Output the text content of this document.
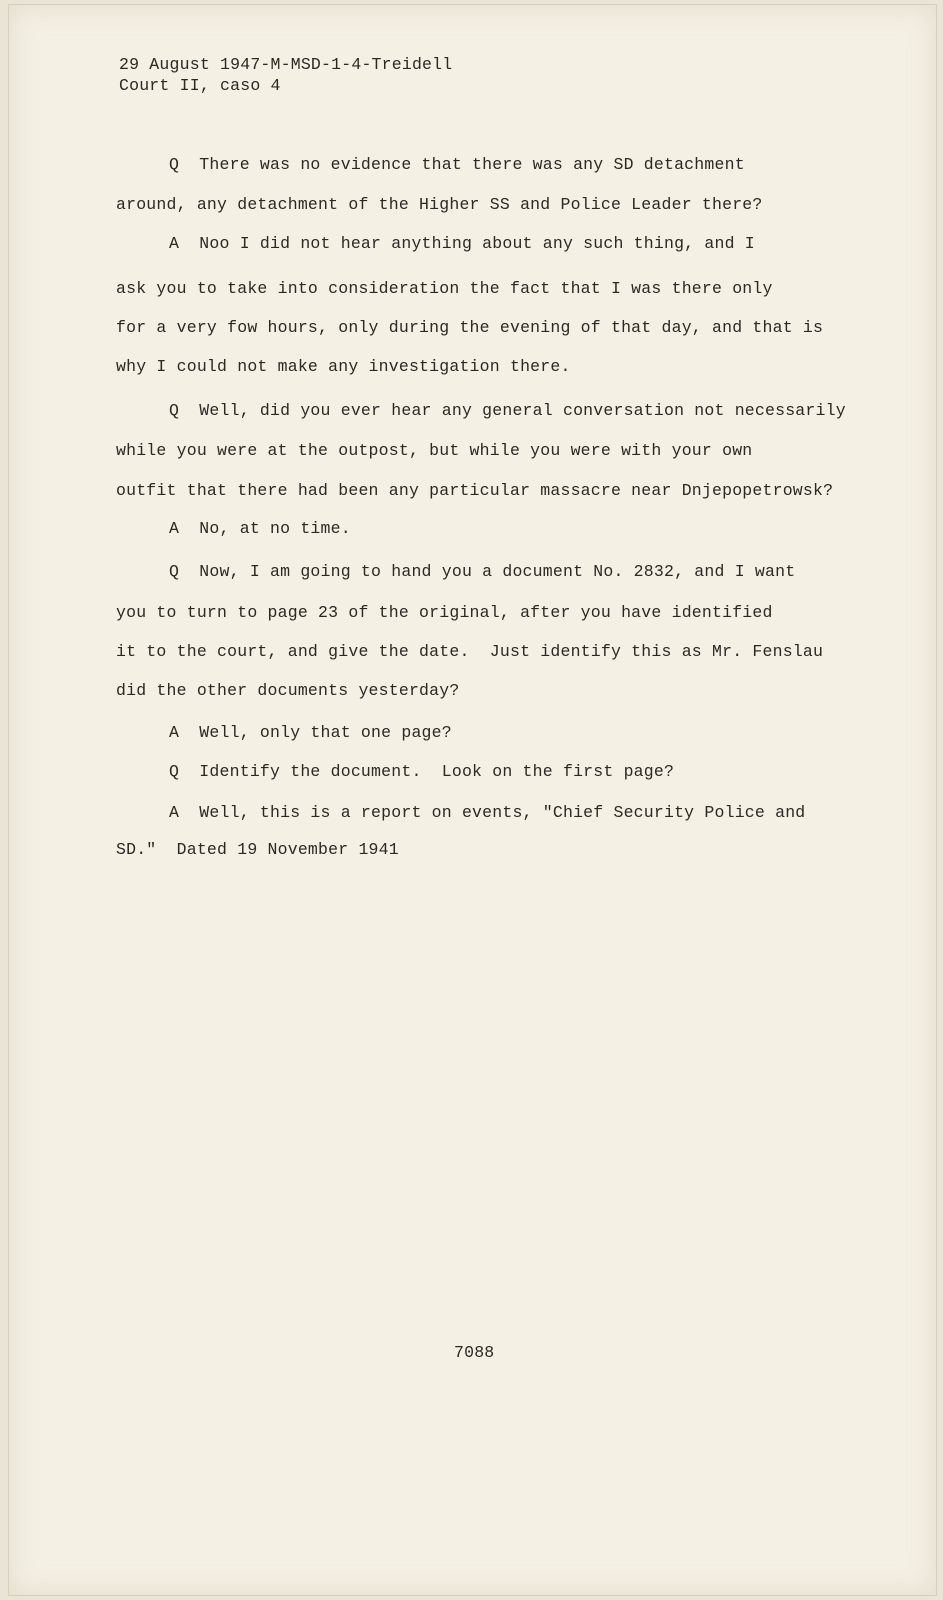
29 August 1947-M-MSD-1-4-Treidell
Court II, caso 4
Q  There was no evidence that there was any SD detachment
around, any detachment of the Higher SS and Police Leader there?
A  Noo I did not hear anything about any such thing, and I
ask you to take into consideration the fact that I was there only
for a very fow hours, only during the evening of that day, and that is
why I could not make any investigation there.
Q  Well, did you ever hear any general conversation not necessarily
while you were at the outpost, but while you were with your own
outfit that there had been any particular massacre near Dnjepopetrowsk?
A  No, at no time.
Q  Now, I am going to hand you a document No. 2832, and I want
you to turn to page 23 of the original, after you have identified
it to the court, and give the date.  Just identify this as Mr. Fenslau
did the other documents yesterday?
A  Well, only that one page?
Q  Identify the document.  Look on the first page?
A  Well, this is a report on events, "Chief Security Police and
SD."  Dated 19 November 1941
7088
